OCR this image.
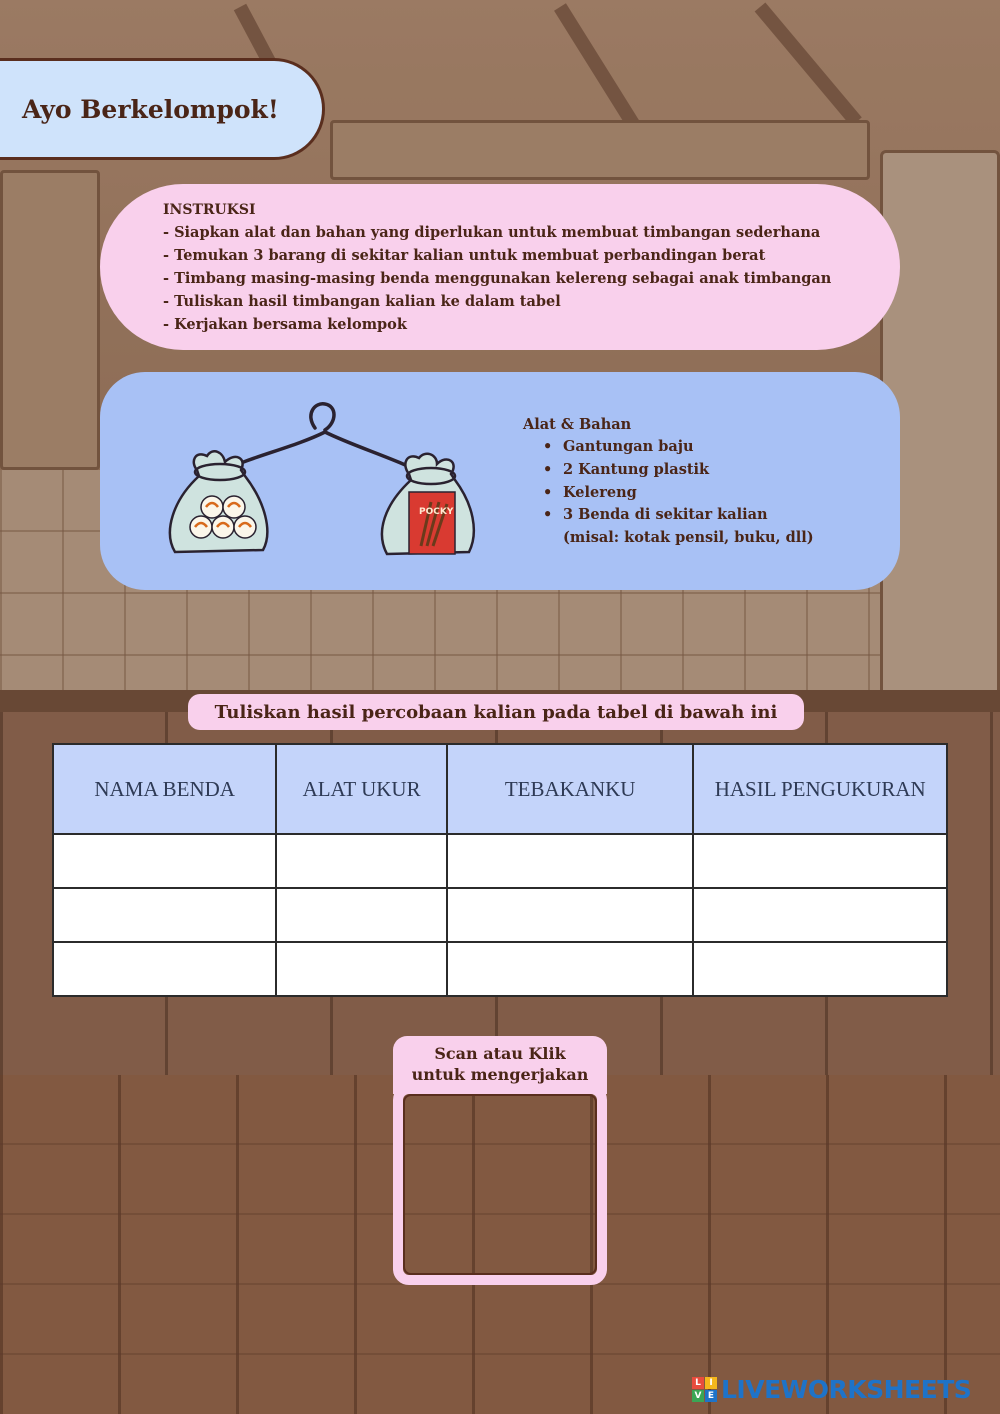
Ayo Berkelompok!
INSTRUKSI
- Siapkan alat dan bahan yang diperlukan untuk membuat timbangan sederhana
- Temukan 3 barang di sekitar kalian untuk membuat perbandingan berat
- Timbang masing-masing benda menggunakan kelereng sebagai anak timbangan
- Tuliskan hasil timbangan kalian ke dalam tabel
- Kerjakan bersama kelompok
POCKY
Alat & Bahan
• Gantungan baju
• 2 Kantung plastik
• Kelereng
• 3 Benda di sekitar kalian
(misal: kotak pensil, buku, dll)
Tuliskan hasil percobaan kalian pada tabel di bawah ini
NAMA BENDA	ALAT UKUR	TEBAKANKU	HASIL PENGUKURAN

Scan atau Klik
untuk mengerjakan
L I
V E LIVEWORKSHEETS
